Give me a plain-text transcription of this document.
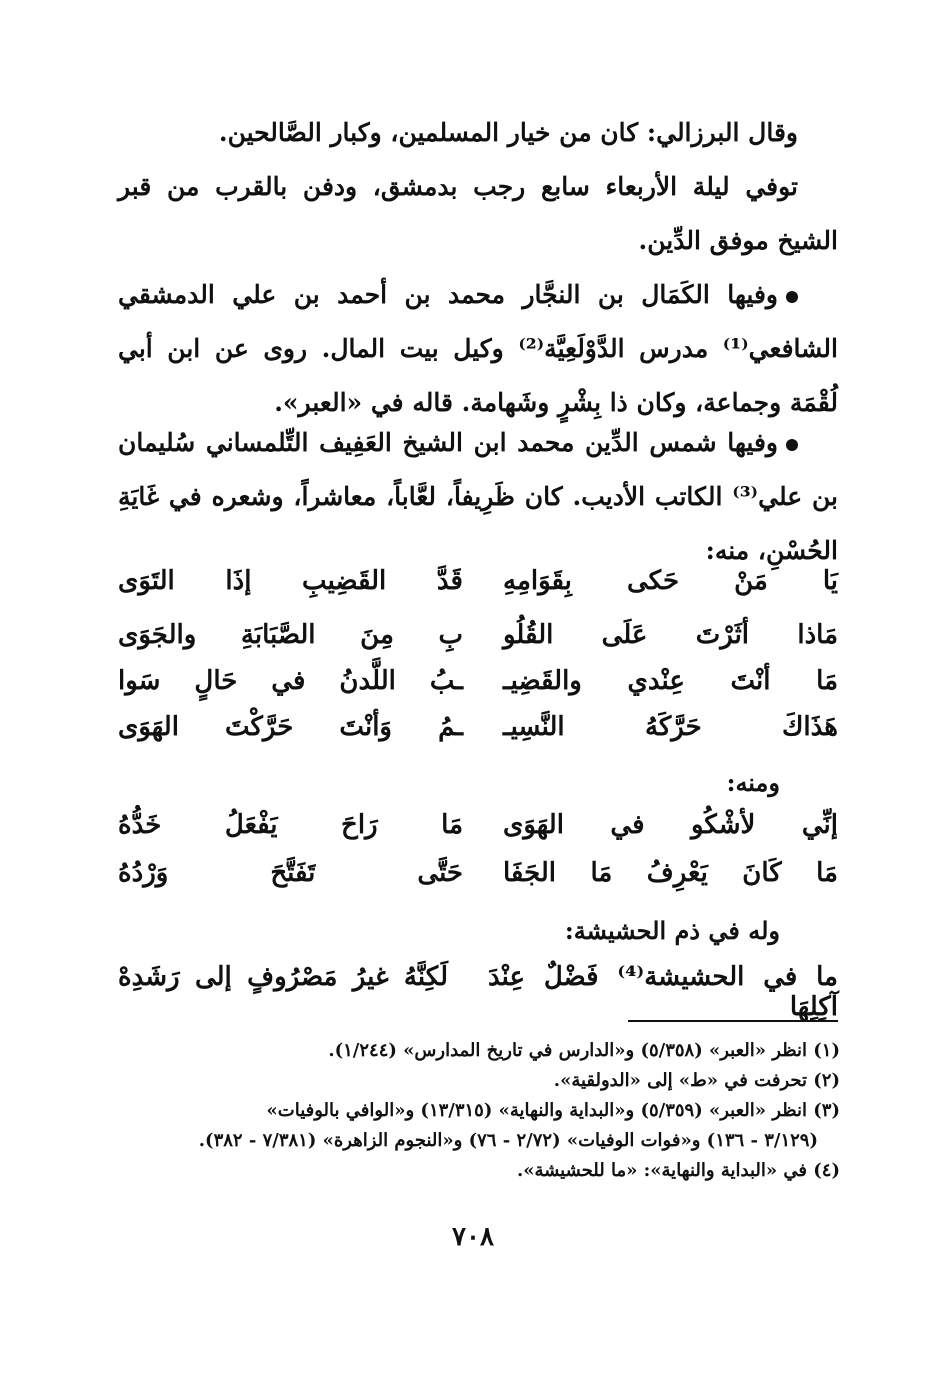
وقال البرزالي: كان من خيار المسلمين، وكبار الصَّالحين.

توفي ليلة الأربعاء سابع رجب بدمشق، ودفن بالقرب من قبر الشيخ موفق الدِّين.

وفيها الكَمَال بن النجَّار محمد بن أحمد بن علي الدمشقي الشافعي⁽¹⁾ مدرس الدَّوْلَعِيَّة⁽²⁾ وكيل بيت المال. روى عن ابن أبي لُقْمَة وجماعة، وكان ذا بِشْرٍ وشَهامة. قاله في «العبر».

وفيها شمس الدِّين محمد ابن الشيخ العَفِيف التِّلمساني سُليمان بن علي⁽³⁾ الكاتب الأديب. كان ظَرِيفاً، لعَّاباً، معاشراً، وشعره في غَايَةِ الحُسْنِ، منه:

يَا مَنْ حَكى بِقَوَامِهِ
قَدَّ القَضِيبِ إذَا التَوَى
مَاذا أثَرْتَ عَلَى القُلُو
بِ مِنَ الصَّبَابَةِ والجَوَى
مَا أنْتَ عِنْدي والقَضِيـ
ـبُ اللَّدنُ في حَالٍ سَوا
هَذَاكَ حَرَّكَهُ النَّسِيـ
ـمُ وَأنْتَ حَرَّكْتَ الهَوَى
ومنه:
إنِّي لأشْكُو في الهَوَى
مَا رَاحَ يَفْعَلُ خَدُّهُ
مَا كَانَ يَعْرِفُ مَا الجَفَا
حَتَّى تَفَتَّحَ وَرْدُهُ
وله في ذم الحشيشة:
ما في الحشيشة⁽⁴⁾ فَضْلٌ عِنْدَ آكِلِهَا
لَكِنَّهُ غيرُ مَصْرُوفٍ إلى رَشَدِهْ

(١) انظر «العبر» (٥/٣٥٨) و«الدارس في تاريخ المدارس» (١/٢٤٤).

(٢) تحرفت في «ط» إلى «الدولقية».

(٣) انظر «العبر» (٥/٣٥٩) و«البداية والنهاية» (١٣/٣١٥) و«الوافي بالوفيات»

(٣/١٢٩ - ١٣٦) و«فوات الوفيات» (٢/٧٢ - ٧٦) و«النجوم الزاهرة» (٧/٣٨١ - ٣٨٢).

(٤) في «البداية والنهاية»: «ما للحشيشة».

٧٠٨
